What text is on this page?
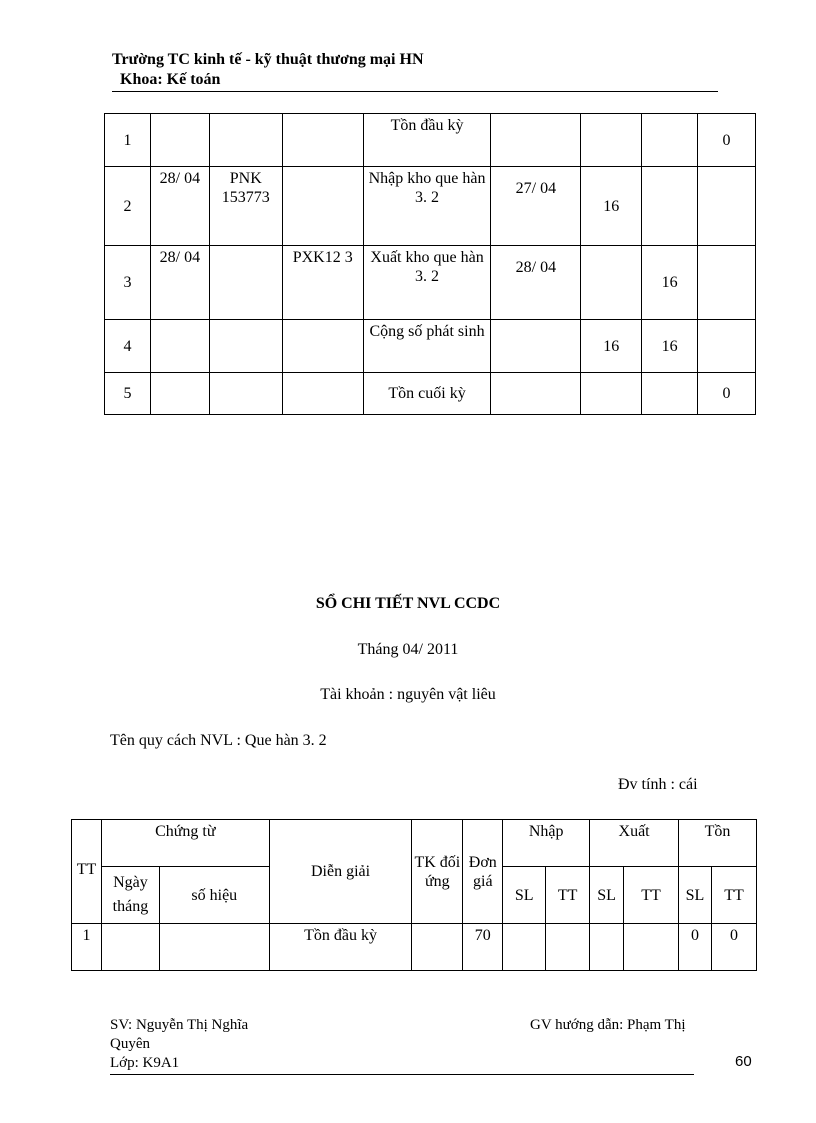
Trường TC kinh tế - kỹ thuật thương mại HN
Khoa: Kế toán
1				Tồn đầu kỳ				0
2	28/ 04	PNK 153773		Nhập kho que hàn 3. 2	27/ 04	16		
3	28/ 04		PXK12 3	Xuất kho que hàn 3. 2	28/ 04		16	
4				Cộng số phát sinh		16	16	
5				Tồn cuối kỳ				0
SỔ CHI TIẾT NVL CCDC
Tháng 04/ 2011
Tài khoản : nguyên vật liêu
Tên quy cách NVL : Que hàn 3. 2
Đv tính : cái
TT	Chứng từ		Diễn giải	TK đối ứng	Đơn giá	Nhập		Xuất		Tồn	
	Ngày tháng	số hiệu				SL	TT	SL	TT	SL	TT
1			Tồn đầu kỳ		70					0	0
SV: Nguyễn Thị Nghĩa Quyên
GV hướng dẫn: Phạm Thị
Lớp: K9A1	60
